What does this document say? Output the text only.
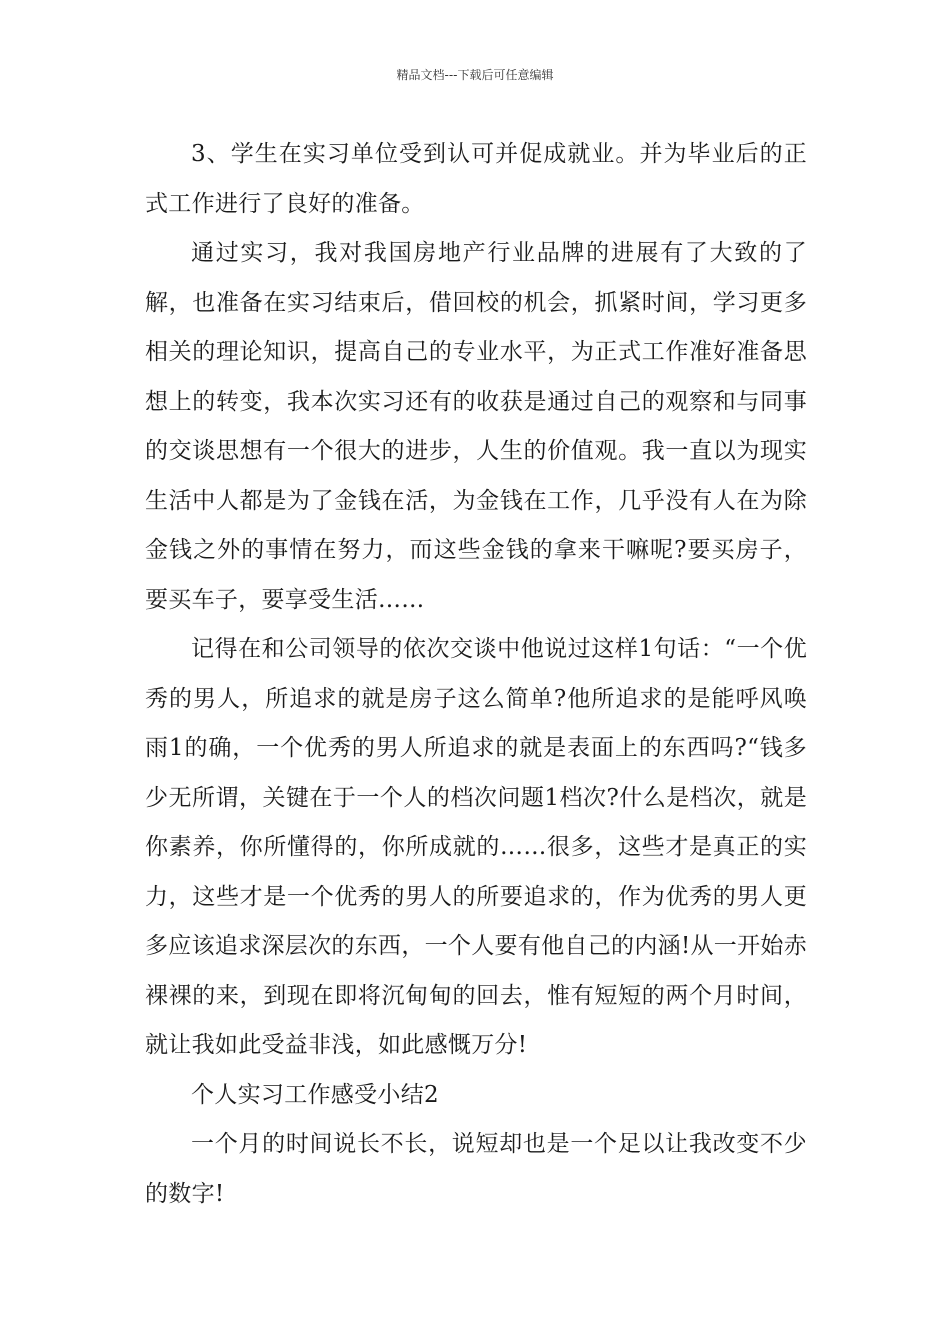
精品文档---下载后可任意编辑

3、学生在实习单位受到认可并促成就业。并为毕业后的正式工作进行了良好的准备。

通过实习，我对我国房地产行业品牌的进展有了大致的了解，也准备在实习结束后，借回校的机会，抓紧时间，学习更多相关的理论知识，提高自己的专业水平，为正式工作准好准备思想上的转变，我本次实习还有的收获是通过自己的观察和与同事的交谈思想有一个很大的进步，人生的价值观。我一直以为现实生活中人都是为了金钱在活，为金钱在工作，几乎没有人在为除金钱之外的事情在努力，而这些金钱的拿来干嘛呢?要买房子，要买车子，要享受生活……

记得在和公司领导的依次交谈中他说过这样1句话：“一个优秀的男人，所追求的就是房子这么简单?他所追求的是能呼风唤雨1的确，一个优秀的男人所追求的就是表面上的东西吗?“钱多少无所谓，关键在于一个人的档次问题1档次?什么是档次，就是你素养，你所懂得的，你所成就的……很多，这些才是真正的实力，这些才是一个优秀的男人的所要追求的，作为优秀的男人更多应该追求深层次的东西，一个人要有他自己的内涵!从一开始赤裸裸的来，到现在即将沉甸甸的回去，惟有短短的两个月时间，就让我如此受益非浅，如此感慨万分!

个人实习工作感受小结2

一个月的时间说长不长，说短却也是一个足以让我改变不少的数字!
